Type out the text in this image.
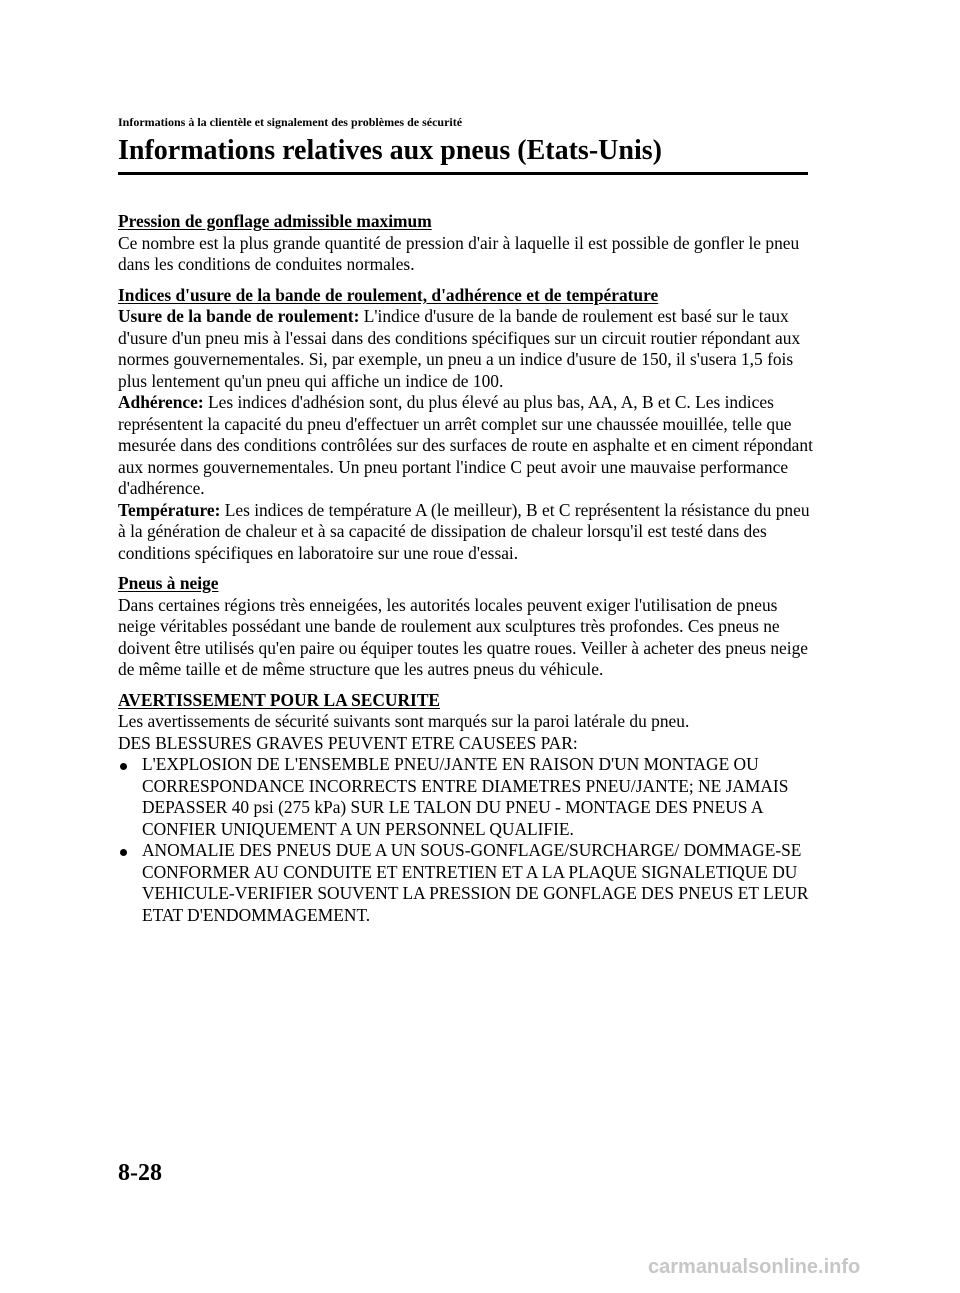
Informations à la clientèle et signalement des problèmes de sécurité
Informations relatives aux pneus (Etats-Unis)

Pression de gonflage admissible maximum

Ce nombre est la plus grande quantité de pression d'air à laquelle il est possible de gonfler le pneu dans les conditions de conduites normales.

Indices d'usure de la bande de roulement, d'adhérence et de température

Usure de la bande de roulement: L'indice d'usure de la bande de roulement est basé sur le taux d'usure d'un pneu mis à l'essai dans des conditions spécifiques sur un circuit routier répondant aux normes gouvernementales. Si, par exemple, un pneu a un indice d'usure de 150, il s'usera 1,5 fois plus lentement qu'un pneu qui affiche un indice de 100.

Adhérence: Les indices d'adhésion sont, du plus élevé au plus bas, AA, A, B et C. Les indices représentent la capacité du pneu d'effectuer un arrêt complet sur une chaussée mouillée, telle que mesurée dans des conditions contrôlées sur des surfaces de route en asphalte et en ciment répondant aux normes gouvernementales. Un pneu portant l'indice C peut avoir une mauvaise performance d'adhérence.

Température: Les indices de température A (le meilleur), B et C représentent la résistance du pneu à la génération de chaleur et à sa capacité de dissipation de chaleur lorsqu'il est testé dans des conditions spécifiques en laboratoire sur une roue d'essai.

Pneus à neige

Dans certaines régions très enneigées, les autorités locales peuvent exiger l'utilisation de pneus neige véritables possédant une bande de roulement aux sculptures très profondes. Ces pneus ne doivent être utilisés qu'en paire ou équiper toutes les quatre roues. Veiller à acheter des pneus neige de même taille et de même structure que les autres pneus du véhicule.

AVERTISSEMENT POUR LA SECURITE

Les avertissements de sécurité suivants sont marqués sur la paroi latérale du pneu.

DES BLESSURES GRAVES PEUVENT ETRE CAUSEES PAR:

L'EXPLOSION DE L'ENSEMBLE PNEU/JANTE EN RAISON D'UN MONTAGE OU CORRESPONDANCE INCORRECTS ENTRE DIAMETRES PNEU/JANTE; NE JAMAIS DEPASSER 40 psi (275 kPa) SUR LE TALON DU PNEU - MONTAGE DES PNEUS A CONFIER UNIQUEMENT A UN PERSONNEL QUALIFIE.
ANOMALIE DES PNEUS DUE A UN SOUS-GONFLAGE/SURCHARGE/ DOMMAGE-SE CONFORMER AU CONDUITE ET ENTRETIEN ET A LA PLAQUE SIGNALETIQUE DU VEHICULE-VERIFIER SOUVENT LA PRESSION DE GONFLAGE DES PNEUS ET LEUR ETAT D'ENDOMMAGEMENT.
8-28
carmanualsonline.info
